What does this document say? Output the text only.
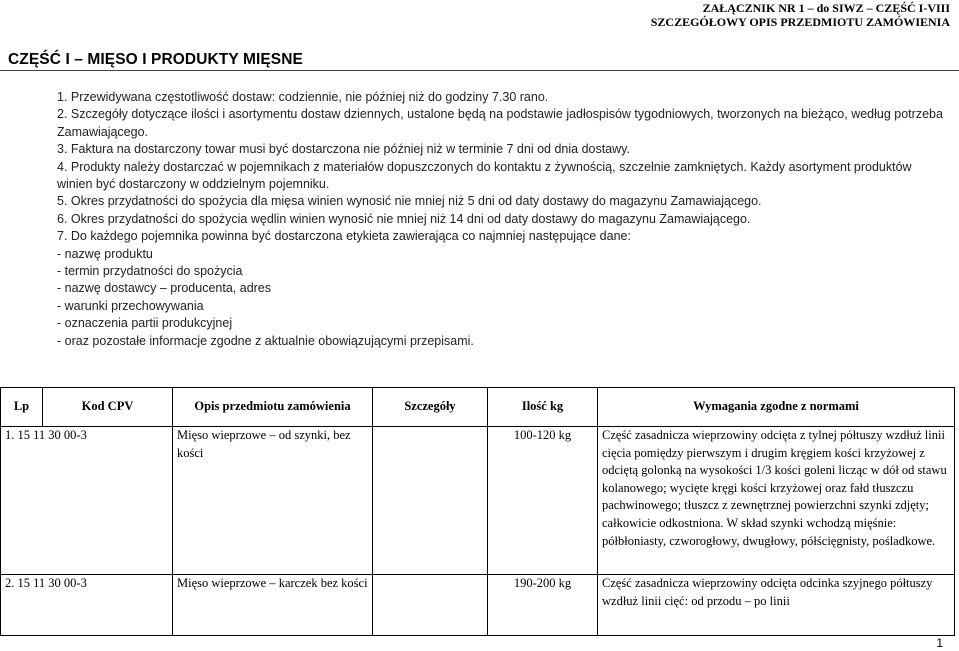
ZAŁĄCZNIK NR 1 – do SIWZ – CZĘŚĆ I-VIII
SZCZEGÓŁOWY OPIS PRZEDMIOTU ZAMÓWIENIA
CZĘŚĆ I – MIĘSO I PRODUKTY MIĘSNE
1. Przewidywana częstotliwość dostaw: codziennie, nie później niż do godziny 7.30 rano.
2. Szczegóły dotyczące ilości i asortymentu dostaw dziennych, ustalone będą na podstawie jadłospisów tygodniowych, tworzonych na bieżąco, według potrzeba Zamawiającego.
3. Faktura na dostarczony towar musi być dostarczona nie później niż w terminie 7 dni od dnia dostawy.
4. Produkty należy dostarczać w pojemnikach z materiałów dopuszczonych do kontaktu z żywnością, szczelnie zamkniętych. Każdy asortyment produktów winien być dostarczony w oddzielnym pojemniku.
5. Okres przydatności do spożycia dla mięsa winien wynosić nie mniej niż 5 dni od daty dostawy do magazynu Zamawiającego.
6. Okres przydatności do spożycia wędlin winien wynosić nie mniej niż 14 dni od daty dostawy do magazynu Zamawiającego.
7. Do każdego pojemnika powinna być dostarczona etykieta zawierająca co najmniej następujące dane:
- nazwę produktu
- termin przydatności do spożycia
- nazwę dostawcy – producenta, adres
- warunki przechowywania
- oznaczenia partii produkcyjnej
- oraz pozostałe informacje zgodne z aktualnie obowiązującymi przepisami.
Lp	Kod CPV	Opis przedmiotu zamówienia	Szczegóły	Ilość kg	Wymagania zgodne z normami
1. 15 11 30 00-3		Mięso wieprzowe – od szynki, bez kości		100-120 kg	Część zasadnicza wieprzowiny odcięta z tylnej półtuszy wzdłuż linii cięcia pomiędzy pierwszym i drugim kręgiem kości krzyżowej z odciętą golonką na wysokości 1/3 kości goleni licząc w dół od stawu kolanowego; wycięte kręgi kości krzyżowej oraz fałd tłuszczu pachwinowego; tłuszcz z zewnętrznej powierzchni szynki zdjęty; całkowicie odkostniona. W skład szynki wchodzą mięśnie: półbłoniasty, czworogłowy, dwugłowy, półścięgnisty, pośladkowe.
2. 15 11 30 00-3		Mięso wieprzowe – karczek bez kości		190-200 kg	Część zasadnicza wieprzowiny odcięta odcinka szyjnego półtuszy wzdłuż linii cięć: od przodu – po linii
1
